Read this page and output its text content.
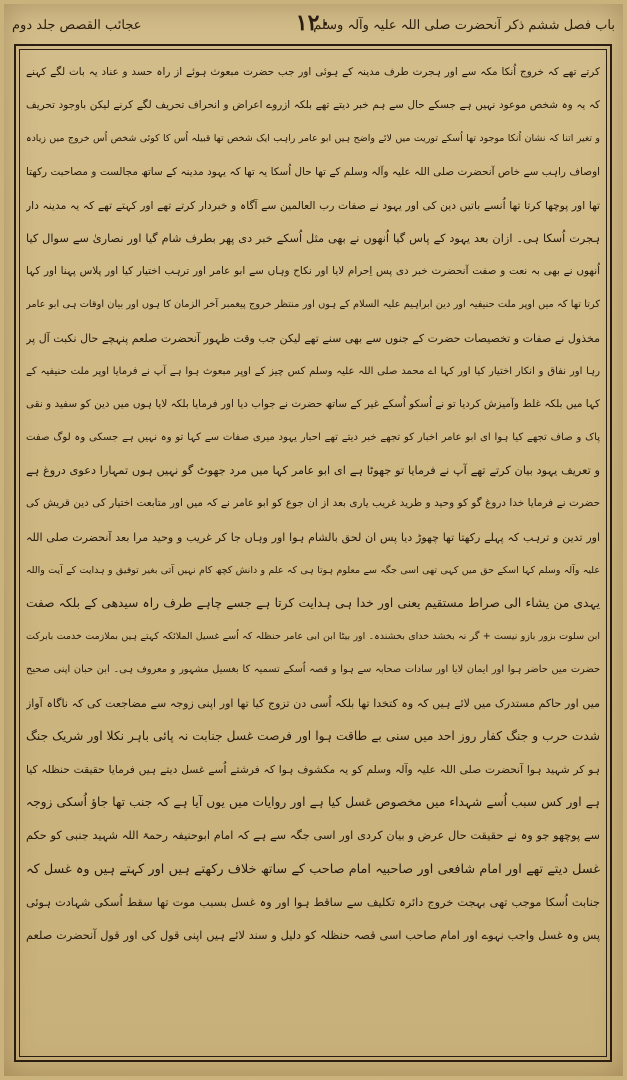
باب فصل ششم ذکر آنحضرت صلی اللہ علیہ وآلہ وسلم
۱۲۰
عجائب القصص جلد دوم
کرتے تھے کہ خروج اُنکا مکہ سے اور ہجرت طرف مدینہ کے ہوئی اور جب حضرت مبعوث ہوئے از راہ حسد و عناد یہ بات لگے کہنے
کہ یہ وہ شخص موعود نہیں ہے جسکے حال سے ہم خبر دیتے تھے بلکہ ازروے اعراض و انحراف تحریف لگے کرنے لیکن باوجود تحریف
و تغیر اتنا کہ نشان اُنکا موجود تھا اُسکے توریت میں لائے واضح ہیں ابو عامر راہب ایک شخص تھا قبیلہ اُس کا کوئی شخص اُس خروج میں زیادہ
اوصاف راہب سے خاص آنحضرت صلی اللہ علیہ وآلہ وسلم کے تھا حال اُسکا یہ تھا کہ یہود مدینہ کے ساتھ مجالست و مصاحبت رکھتا
تھا اور پوچھا کرتا تھا اُنسے باتیں دین کی اور یہود نے صفات رب العالمین سے آگاہ و خبردار کرتے تھے اور کہتے تھے کہ یہ مدینہ دار
ہجرت اُسکا ہی۔ ازان بعد یہود کے پاس گیا اُنھوں نے بھی مثل اُسکے خبر دی پھر بطرف شام گیا اور نصاریٰ سے سوال کیا
اُنھوں نے بھی بہ نعت و صفت آنحضرت خبر دی پس اِحرام لایا اور نکاح وہاں سے ابو عامر اور ترہب اختیار کیا اور پلاس پہنا اور کہا
کرتا تھا کہ میں اوپر ملت حنیفیہ اور دین ابراہیم علیہ السلام کے ہوں اور منتظر خروج پیغمبر آخر الزمان کا ہوں اور بیان اوقات ہی ابو عامر
مخذول نے صفات و تخصیصات حضرت کے جنوں سے بھی سنے تھے لیکن جب وقت ظہور آنحضرت صلعم پنہچے حال نکبت آل پر
رہا اور نفاق و انکار اختیار کیا اور کہا اے محمد صلی اللہ علیہ وسلم کس چیز کے اوپر مبعوث ہوا ہے آپ نے فرمایا اوپر ملت حنیفیہ کے
کہا میں بلکہ غلط وآمیزش کردیا تو نے اُسکو اُسکے غیر کے ساتھ حضرت نے جواب دیا اور فرمایا بلکہ لایا ہوں میں دین کو سفید و نقی
پاک و صاف تجھے کیا ہوا ای ابو عامر اخبار کو تجھے خبر دیتے تھے احبار یہود میری صفات سے کہا تو وہ نہیں ہے جسکی وہ لوگ صفت
و تعریف یہود بیان کرتے تھے آپ نے فرمایا تو جھوٹا ہے ای ابو عامر کہا میں مرد جھوٹ گو نہیں ہوں تمہارا دعوی دروغ ہے
حضرت نے فرمایا خدا دروغ گو کو وحید و طرید غریب یاری بعد از ان جوع کو ابو عامر نے کہ میں اور متابعت اختیار کی دین قریش کی
اور تدین و ترہب کہ پہلے رکھتا تھا چھوڑ دیا پس ان لحق بالشام ہوا اور وہاں جا کر غریب و وحید مرا بعد آنحضرت صلی اللہ
علیہ وآلہ وسلم کہا اسکے حق میں کہی تھی اسی جگہ سے معلوم ہوتا ہی کہ علم و دانش کچھ کام نہیں آتی بغیر توفیق و ہدایت کے آیت واللہ
یہدی من یشاء الی صراط مستقیم یعنی اور خدا ہی ہدایت کرتا ہے جسے چاہے طرف راہ سیدھی کے بلکہ صفت
ابن سلوت بزور بازو نیست + گر نہ بخشد خدای بخشندہ۔ اور بیٹا ابن ابی عامر حنظلہ کہ اُسے غسیل الملائکہ کہتے ہیں بملازمت خدمت بابرکت
حضرت میں حاضر ہوا اور ایمان لایا اور سادات صحابہ سے ہوا و قصہ اُسکے تسمیہ کا بغسیل مشہور و معروف ہی۔ ابن حبان اپنی صحیح
میں اور حاکم مستدرک میں لائے ہیں کہ وہ کتخدا تھا بلکہ اُسی دن تزوج کیا تھا اور اپنی زوجہ سے مضاجعت کی کہ ناگاہ آواز
شدت حرب و جنگ کفار روز احد میں سنی بے طاقت ہوا اور فرصت غسل جنابت نہ پائی باہر نکلا اور شریک جنگ
ہو کر شہید ہوا آنحضرت صلی اللہ علیہ وآلہ وسلم کو یہ مکشوف ہوا کہ فرشتے اُسے غسل دیتے ہیں فرمایا حقیقت حنظلہ کیا
ہے اور کس سبب اُسے شہداء میں مخصوص غسل کیا ہے اور روایات میں یوں آیا ہے کہ جنب تھا جاؤ اُسکی زوجہ
سے پوچھو جو وہ نے حقیقت حال عرض و بیان کردی اور اسی جگہ سے ہے کہ امام ابوحنیفہ رحمۃ اللہ شہید جنبی کو حکم
غسل دیتے تھے اور امام شافعی اور صاحبیہ امام صاحب کے ساتھ خلاف رکھتے ہیں اور کہتے ہیں وہ غسل کہ
جنابت اُسکا موجب تھی بہجت خروج دائرہ تکلیف سے ساقط ہوا اور وہ غسل بسبب موت تھا سقط اُسکی شہادت ہوئی
پس وہ غسل واجب نہوے اور امام صاحب اسی قصہ حنظلہ کو دلیل و سند لائے ہیں اپنی قول کی اور قول آنحضرت صلعم
